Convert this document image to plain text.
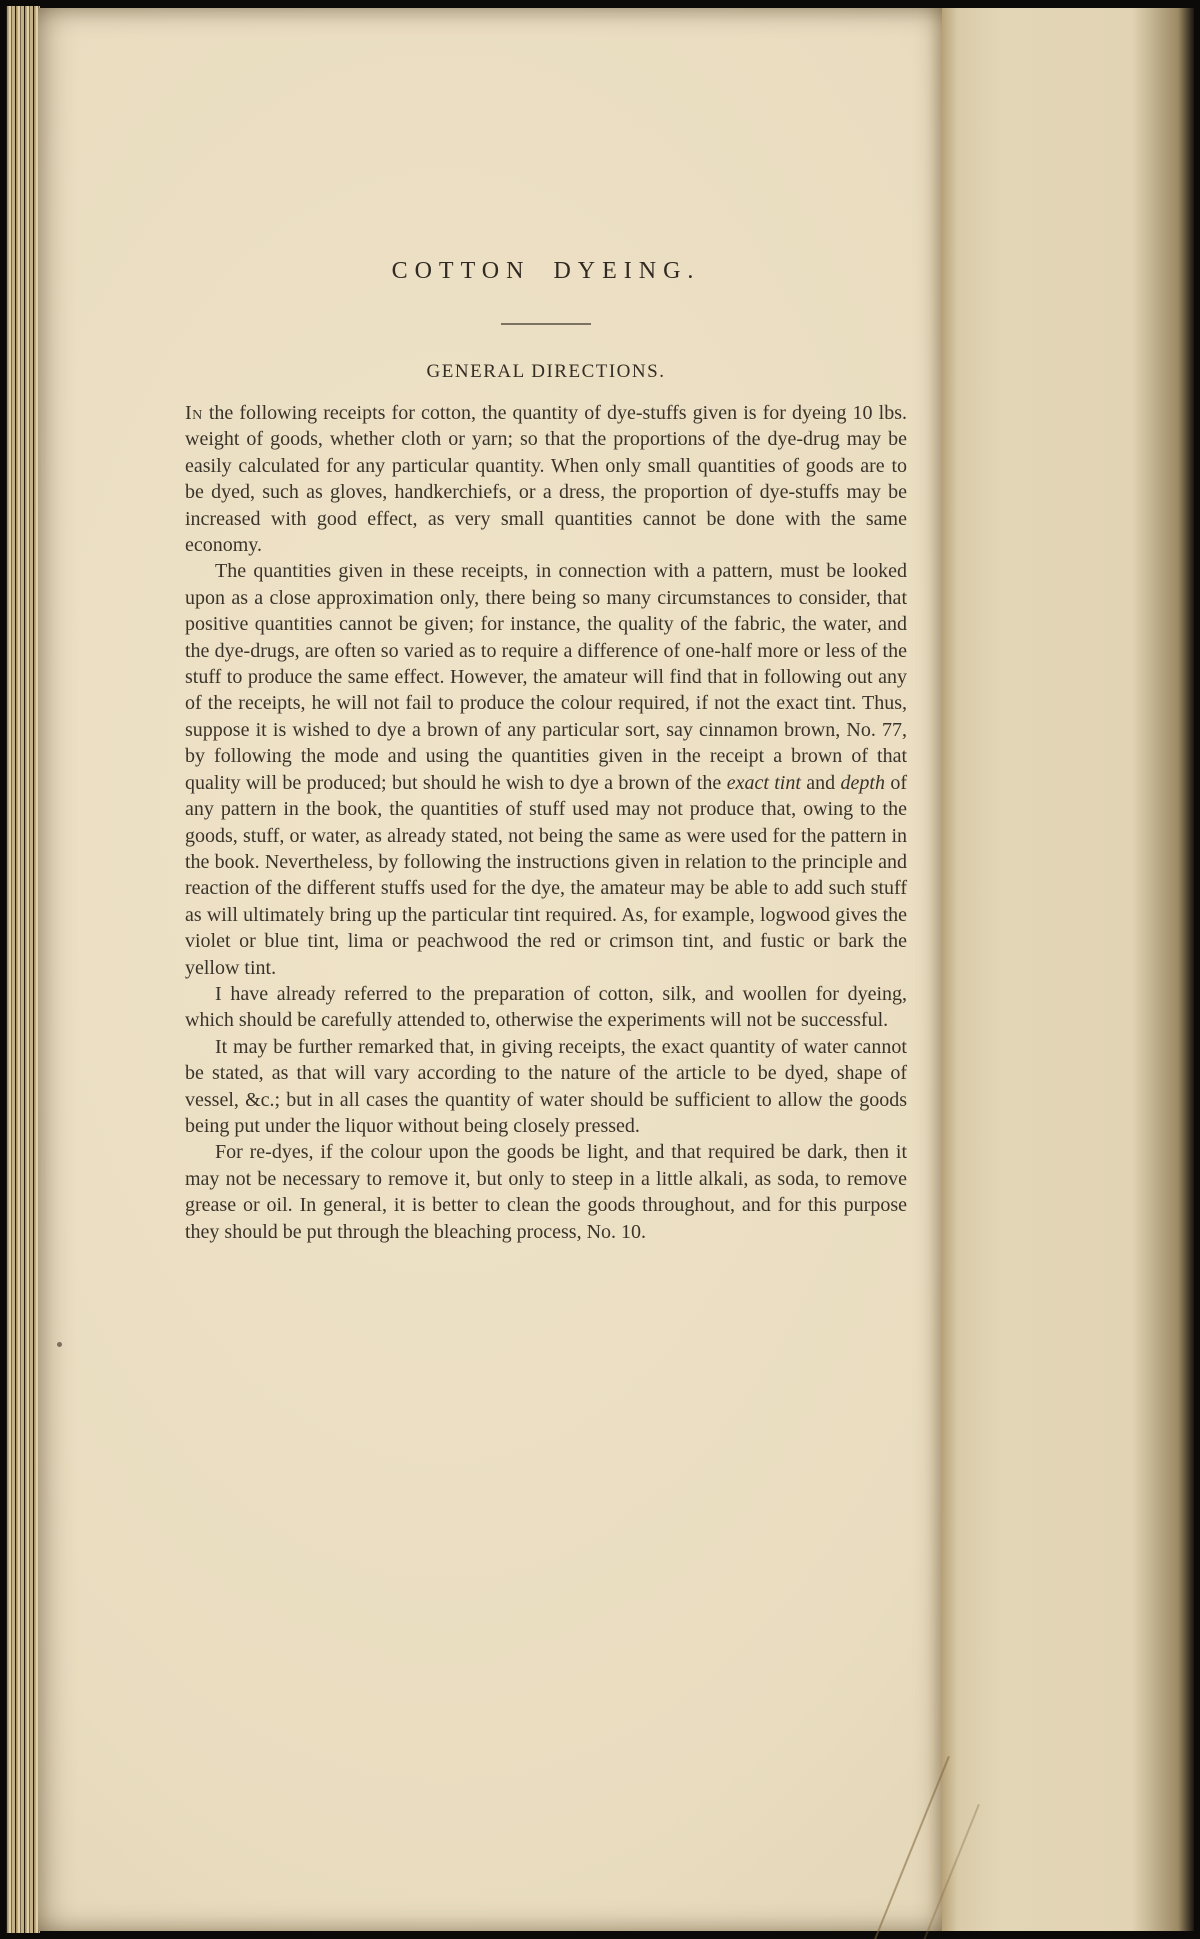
COTTON DYEING.
GENERAL DIRECTIONS.

In the following receipts for cotton, the quantity of dye-stuffs given is for dyeing 10 lbs. weight of goods, whether cloth or yarn; so that the proportions of the dye-drug may be easily calculated for any particular quantity. When only small quantities of goods are to be dyed, such as gloves, handkerchiefs, or a dress, the proportion of dye-stuffs may be increased with good effect, as very small quantities cannot be done with the same economy.

The quantities given in these receipts, in connection with a pattern, must be looked upon as a close approximation only, there being so many circumstances to consider, that positive quantities cannot be given; for instance, the quality of the fabric, the water, and the dye-drugs, are often so varied as to require a difference of one-half more or less of the stuff to produce the same effect. However, the amateur will find that in following out any of the receipts, he will not fail to produce the colour required, if not the exact tint. Thus, suppose it is wished to dye a brown of any particular sort, say cinnamon brown, No. 77, by following the mode and using the quantities given in the receipt a brown of that quality will be produced; but should he wish to dye a brown of the exact tint and depth of any pattern in the book, the quantities of stuff used may not produce that, owing to the goods, stuff, or water, as already stated, not being the same as were used for the pattern in the book. Nevertheless, by following the instructions given in relation to the principle and reaction of the different stuffs used for the dye, the amateur may be able to add such stuff as will ultimately bring up the particular tint required. As, for example, logwood gives the violet or blue tint, lima or peachwood the red or crimson tint, and fustic or bark the yellow tint.

I have already referred to the preparation of cotton, silk, and woollen for dyeing, which should be carefully attended to, otherwise the experiments will not be successful.

It may be further remarked that, in giving receipts, the exact quantity of water cannot be stated, as that will vary according to the nature of the article to be dyed, shape of vessel, &c.; but in all cases the quantity of water should be sufficient to allow the goods being put under the liquor without being closely pressed.

For re-dyes, if the colour upon the goods be light, and that required be dark, then it may not be necessary to remove it, but only to steep in a little alkali, as soda, to remove grease or oil. In general, it is better to clean the goods throughout, and for this purpose they should be put through the bleaching process, No. 10.
